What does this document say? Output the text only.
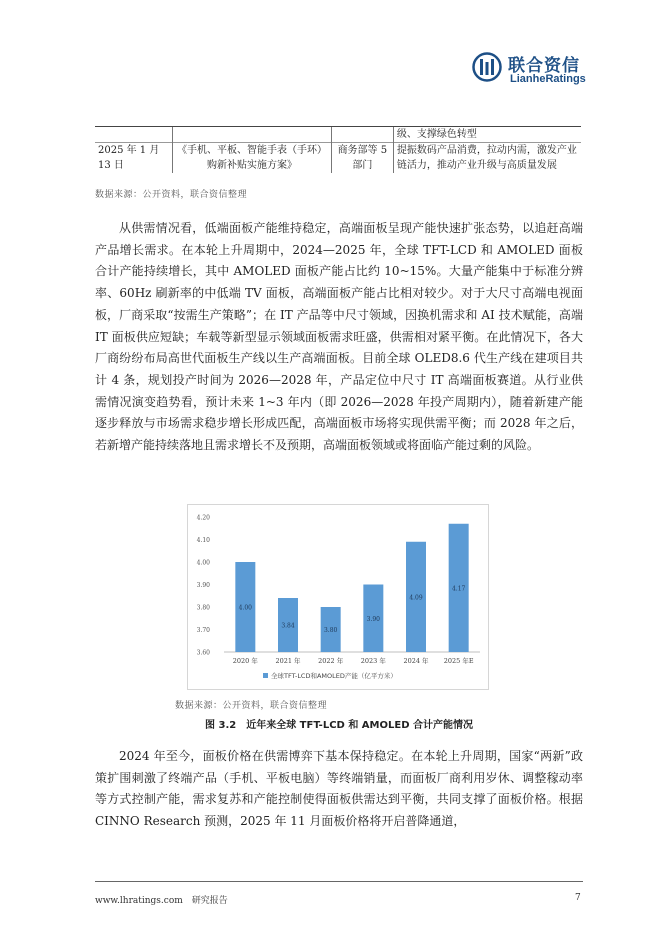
联合资信
LianheRatings
			级、支撑绿色转型
2025 年 1 月 13 日	《手机、平板、智能手表（手环）购新补贴实施方案》	商务部等 5 部门	提振数码产品消费，拉动内需，激发产业链活力，推动产业升级与高质量发展
数据来源：公开资料，联合资信整理

从供需情况看，低端面板产能维持稳定，高端面板呈现产能快速扩张态势，以追赶高端产品增长需求。在本轮上升周期中，2024—2025 年，全球 TFT-LCD 和 AMOLED 面板合计产能持续增长，其中 AMOLED 面板产能占比约 10~15%。大量产能集中于标准分辨率、60Hz 刷新率的中低端 TV 面板，高端面板产能占比相对较少。对于大尺寸高端电视面板，厂商采取“按需生产策略”；在 IT 产品等中尺寸领域，因换机需求和 AI 技术赋能，高端 IT 面板供应短缺；车载等新型显示领域面板需求旺盛，供需相对紧平衡。在此情况下，各大厂商纷纷布局高世代面板生产线以生产高端面板。目前全球 OLED8.6 代生产线在建项目共计 4 条，规划投产时间为 2026—2028 年，产品定位中尺寸 IT 高端面板赛道。从行业供需情况演变趋势看，预计未来 1~3 年内（即 2026—2028 年投产周期内），随着新建产能逐步释放与市场需求稳步增长形成匹配，高端面板市场将实现供需平衡；而 2028 年之后，若新增产能持续落地且需求增长不及预期，高端面板领域或将面临产能过剩的风险。

4.20
4.10
4.00
3.90
3.80
3.70
3.60
4.00
2020 年
3.84
2021 年
3.80
2022 年
3.90
2023 年
4.09
2024 年
4.17
2025 年E
全球TFT-LCD和AMOLED产能（亿平方米）
数据来源：公开资料，联合资信整理
图 3.2　近年来全球 TFT-LCD 和 AMOLED 合计产能情况

2024 年至今，面板价格在供需博弈下基本保持稳定。在本轮上升周期，国家“两新”政策扩围刺激了终端产品（手机、平板电脑）等终端销量，而面板厂商利用岁休、调整稼动率等方式控制产能，需求复苏和产能控制使得面板供需达到平衡，共同支撑了面板价格。根据 CINNO Research 预测，2025 年 11 月面板价格将开启普降通道，

www.lhratings.com　研究报告	7
